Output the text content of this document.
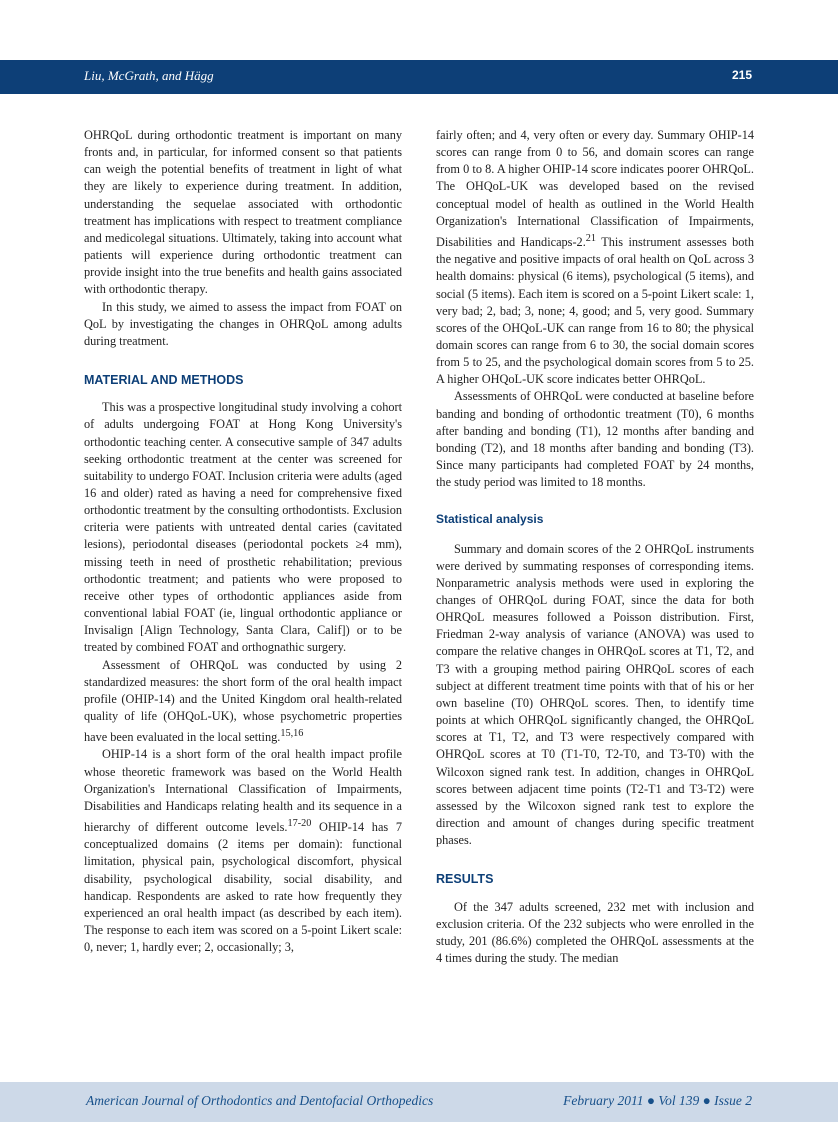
Liu, McGrath, and Hägg	215

OHRQoL during orthodontic treatment is important on many fronts and, in particular, for informed consent so that patients can weigh the potential benefits of treatment in light of what they are likely to experience during treatment. In addition, understanding the sequelae associated with orthodontic treatment has implications with respect to treatment compliance and medicolegal situations. Ultimately, taking into account what patients will experience during orthodontic treatment can provide insight into the true benefits and health gains associated with orthodontic therapy.

In this study, we aimed to assess the impact from FOAT on QoL by investigating the changes in OHRQoL among adults during treatment.

MATERIAL AND METHODS

This was a prospective longitudinal study involving a cohort of adults undergoing FOAT at Hong Kong University's orthodontic teaching center. A consecutive sample of 347 adults seeking orthodontic treatment at the center was screened for suitability to undergo FOAT. Inclusion criteria were adults (aged 16 and older) rated as having a need for comprehensive fixed orthodontic treatment by the consulting orthodontists. Exclusion criteria were patients with untreated dental caries (cavitated lesions), periodontal diseases (periodontal pockets ≥4 mm), missing teeth in need of prosthetic rehabilitation; previous orthodontic treatment; and patients who were proposed to receive other types of orthodontic appliances aside from conventional labial FOAT (ie, lingual orthodontic appliance or Invisalign [Align Technology, Santa Clara, Calif]) or to be treated by combined FOAT and orthognathic surgery.

Assessment of OHRQoL was conducted by using 2 standardized measures: the short form of the oral health impact profile (OHIP-14) and the United Kingdom oral health-related quality of life (OHQoL-UK), whose psychometric properties have been evaluated in the local setting.$^{15,16}$

OHIP-14 is a short form of the oral health impact profile whose theoretic framework was based on the World Health Organization's International Classification of Impairments, Disabilities and Handicaps relating health and its sequence in a hierarchy of different outcome levels.$^{17-20}$ OHIP-14 has 7 conceptualized domains (2 items per domain): functional limitation, physical pain, psychological discomfort, physical disability, psychological disability, social disability, and handicap. Respondents are asked to rate how frequently they experienced an oral health impact (as described by each item). The response to each item was scored on a 5-point Likert scale: 0, never; 1, hardly ever; 2, occasionally; 3,

fairly often; and 4, very often or every day. Summary OHIP-14 scores can range from 0 to 56, and domain scores can range from 0 to 8. A higher OHIP-14 score indicates poorer OHRQoL. The OHQoL-UK was developed based on the revised conceptual model of health as outlined in the World Health Organization's International Classification of Impairments, Disabilities and Handicaps-2.21 This instrument assesses both the negative and positive impacts of oral health on QoL across 3 health domains: physical (6 items), psychological (5 items), and social (5 items). Each item is scored on a 5-point Likert scale: 1, very bad; 2, bad; 3, none; 4, good; and 5, very good. Summary scores of the OHQoL-UK can range from 16 to 80; the physical domain scores can range from 6 to 30, the social domain scores from 5 to 25, and the psychological domain scores from 5 to 25. A higher OHQoL-UK score indicates better OHRQoL.

Assessments of OHRQoL were conducted at baseline before banding and bonding of orthodontic treatment (T0), 6 months after banding and bonding (T1), 12 months after banding and bonding (T2), and 18 months after banding and bonding (T3). Since many participants had completed FOAT by 24 months, the study period was limited to 18 months.

Statistical analysis

Summary and domain scores of the 2 OHRQoL instruments were derived by summating responses of corresponding items. Nonparametric analysis methods were used in exploring the changes of OHRQoL during FOAT, since the data for both OHRQoL measures followed a Poisson distribution. First, Friedman 2-way analysis of variance (ANOVA) was used to compare the relative changes in OHRQoL scores at T1, T2, and T3 with a grouping method pairing OHRQoL scores of each subject at different treatment time points with that of his or her own baseline (T0) OHRQoL scores. Then, to identify time points at which OHRQoL significantly changed, the OHRQoL scores at T1, T2, and T3 were respectively compared with OHRQoL scores at T0 (T1-T0, T2-T0, and T3-T0) with the Wilcoxon signed rank test. In addition, changes in OHRQoL scores between adjacent time points (T2-T1 and T3-T2) were assessed by the Wilcoxon signed rank test to explore the direction and amount of changes during specific treatment phases.

RESULTS

Of the 347 adults screened, 232 met with inclusion and exclusion criteria. Of the 232 subjects who were enrolled in the study, 201 (86.6%) completed the OHRQoL assessments at the 4 times during the study. The median

American Journal of Orthodontics and Dentofacial Orthopedics	February 2011 ● Vol 139 ● Issue 2
